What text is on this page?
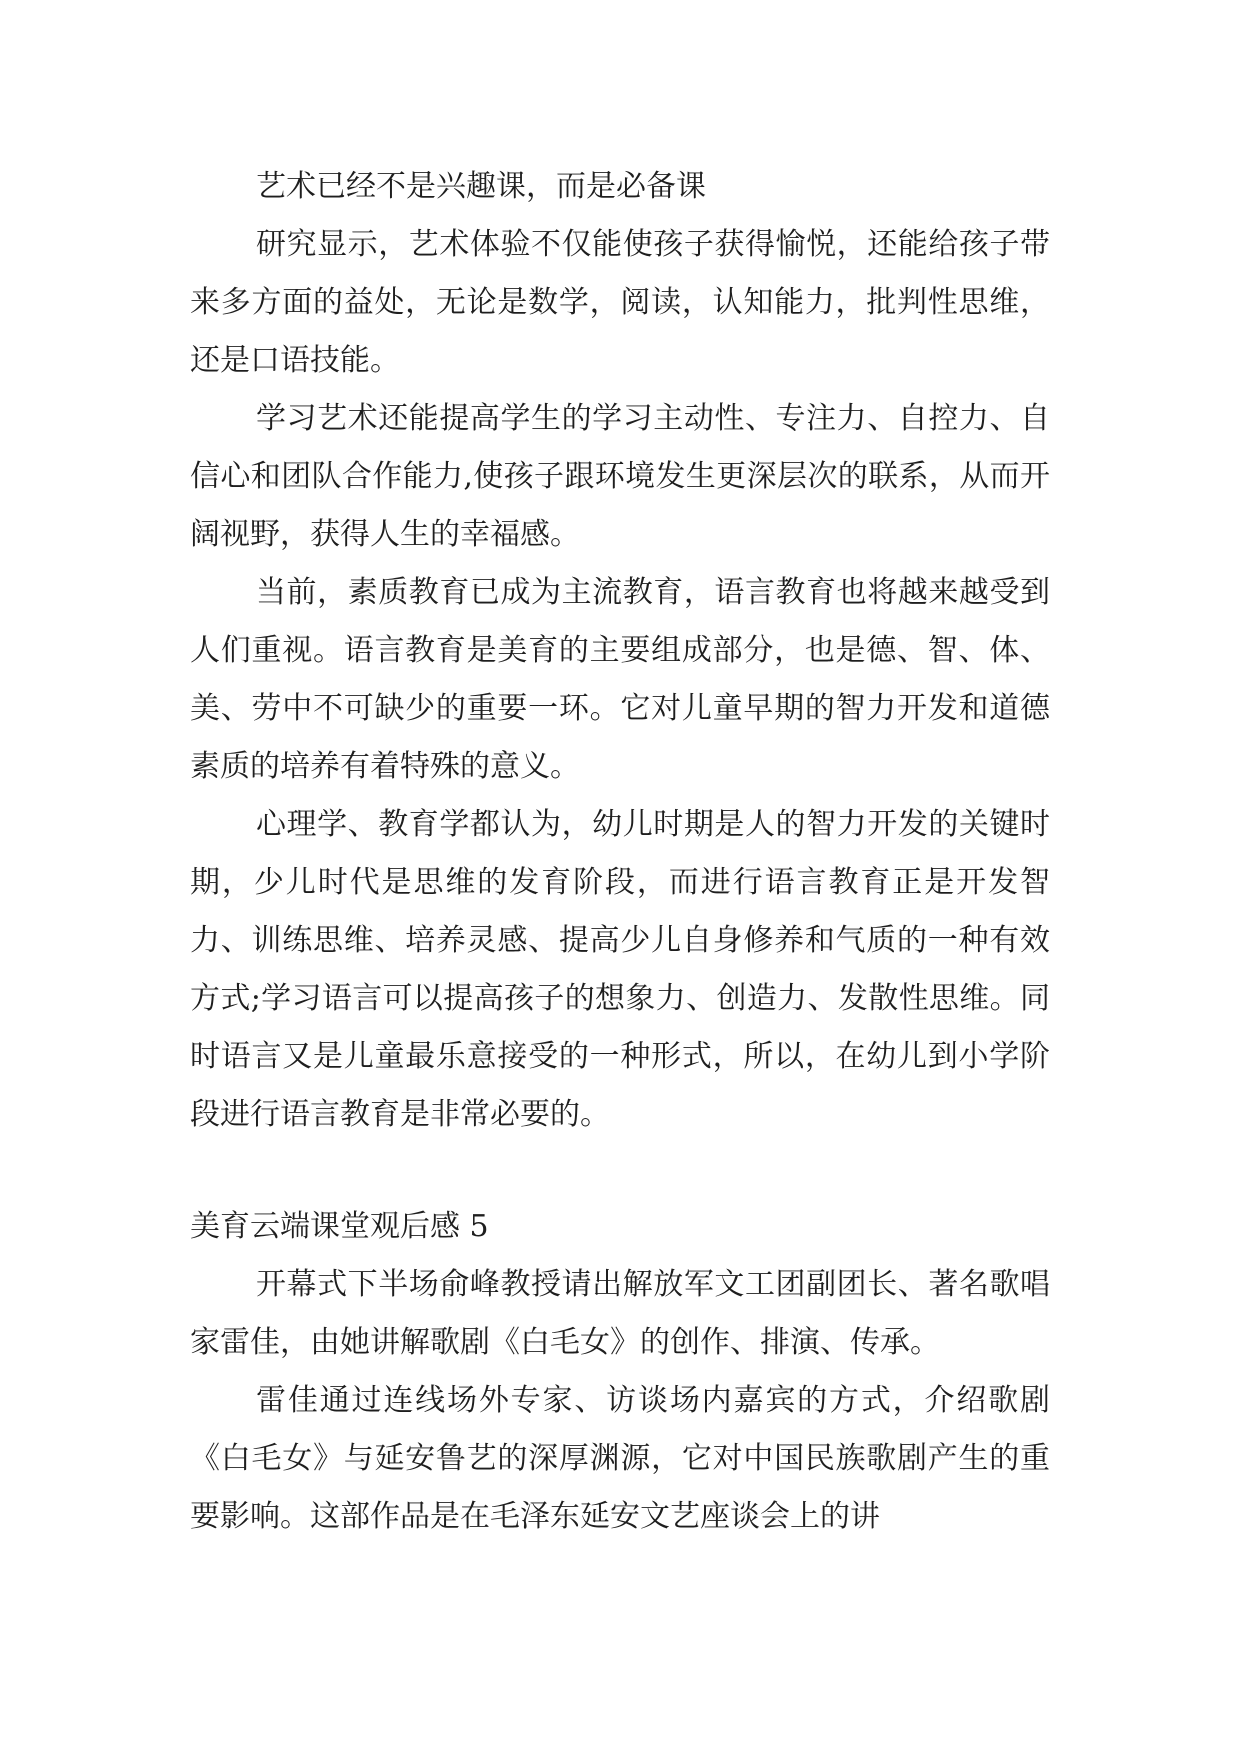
艺术已经不是兴趣课，而是必备课

研究显示，艺术体验不仅能使孩子获得愉悦，还能给孩子带来多方面的益处，无论是数学，阅读，认知能力，批判性思维，还是口语技能。

学习艺术还能提高学生的学习主动性、专注力、自控力、自信心和团队合作能力,使孩子跟环境发生更深层次的联系，从而开阔视野，获得人生的幸福感。

当前，素质教育已成为主流教育，语言教育也将越来越受到人们重视。语言教育是美育的主要组成部分，也是德、智、体、美、劳中不可缺少的重要一环。它对儿童早期的智力开发和道德素质的培养有着特殊的意义。

心理学、教育学都认为，幼儿时期是人的智力开发的关键时期，少儿时代是思维的发育阶段，而进行语言教育正是开发智力、训练思维、培养灵感、提高少儿自身修养和气质的一种有效方式;学习语言可以提高孩子的想象力、创造力、发散性思维。同时语言又是儿童最乐意接受的一种形式，所以，在幼儿到小学阶段进行语言教育是非常必要的。

美育云端课堂观后感 5

开幕式下半场俞峰教授请出解放军文工团副团长、著名歌唱家雷佳，由她讲解歌剧《白毛女》的创作、排演、传承。

雷佳通过连线场外专家、访谈场内嘉宾的方式，介绍歌剧《白毛女》与延安鲁艺的深厚渊源，它对中国民族歌剧产生的重要影响。这部作品是在毛泽东延安文艺座谈会上的讲
